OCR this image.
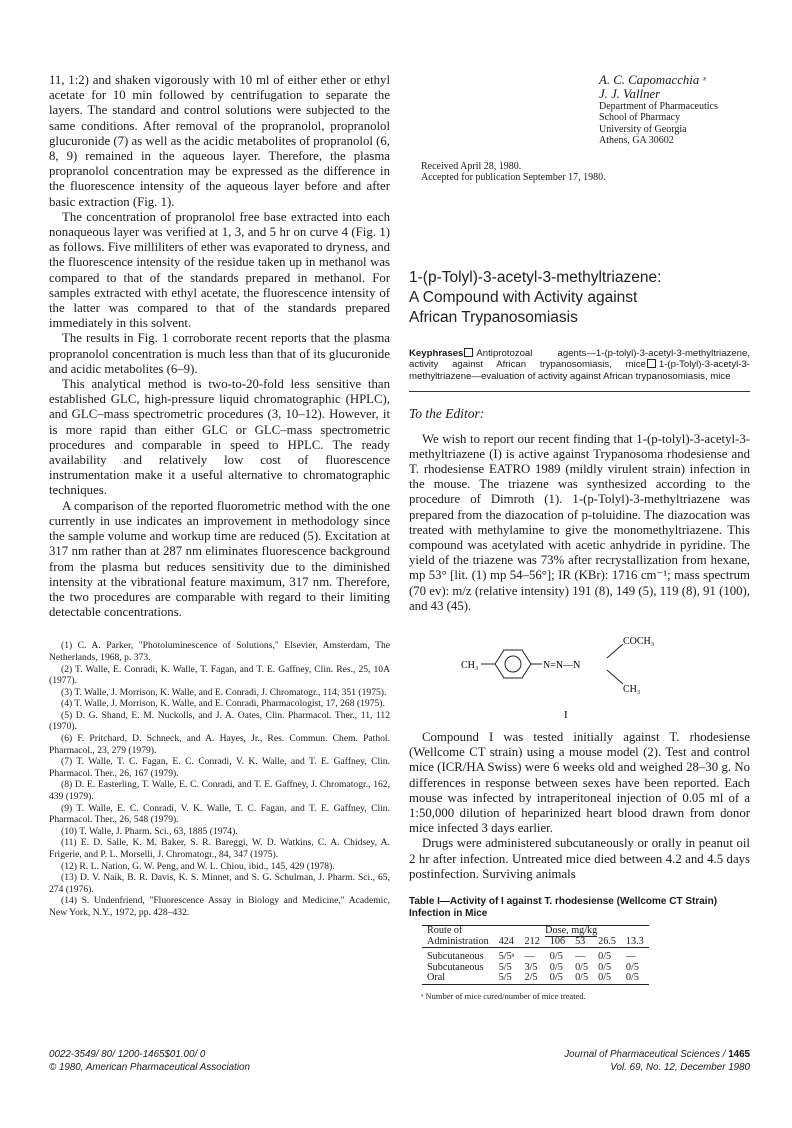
11, 1:2) and shaken vigorously with 10 ml of either ether or ethyl acetate for 10 min followed by centrifugation to separate the layers. The standard and control solutions were subjected to the same conditions. After removal of the propranolol, propranolol glucuronide (7) as well as the acidic metabolites of propranolol (6, 8, 9) remained in the aqueous layer. Therefore, the plasma propranolol concentration may be expressed as the difference in the fluorescence intensity of the aqueous layer before and after basic extraction (Fig. 1).

The concentration of propranolol free base extracted into each nonaqueous layer was verified at 1, 3, and 5 hr on curve 4 (Fig. 1) as follows. Five milliliters of ether was evaporated to dryness, and the fluorescence intensity of the residue taken up in methanol was compared to that of the standards prepared in methanol. For samples extracted with ethyl acetate, the fluorescence intensity of the latter was compared to that of the standards prepared immediately in this solvent.

The results in Fig. 1 corroborate recent reports that the plasma propranolol concentration is much less than that of its glucuronide and acidic metabolites (6–9).

This analytical method is two-to-20-fold less sensitive than established GLC, high-pressure liquid chromatographic (HPLC), and GLC–mass spectrometric procedures (3, 10–12). However, it is more rapid than either GLC or GLC–mass spectrometric procedures and comparable in speed to HPLC. The ready availability and relatively low cost of fluorescence instrumentation make it a useful alternative to chromatographic techniques.

A comparison of the reported fluorometric method with the one currently in use indicates an improvement in methodology since the sample volume and workup time are reduced (5). Excitation at 317 nm rather than at 287 nm eliminates fluorescence background from the plasma but reduces sensitivity due to the diminished intensity at the vibrational feature maximum, 317 nm. Therefore, the two procedures are comparable with regard to their limiting detectable concentrations.

(1) C. A. Parker, "Photoluminescence of Solutions," Elsevier, Amsterdam, The Netherlands, 1968, p. 373.
(2) T. Walle, E. Conradi, K. Walle, T. Fagan, and T. E. Gaffney, Clin. Res., 25, 10A (1977).
(3) T. Walle, J. Morrison, K. Walle, and E. Conradi, J. Chromatogr., 114, 351 (1975).
(4) T. Walle, J. Morrison, K. Walle, and E. Conradi, Pharmacologist, 17, 268 (1975).
(5) D. G. Shand, E. M. Nuckolls, and J. A. Oates, Clin. Pharmacol. Ther., 11, 112 (1970).
(6) F. Pritchard, D. Schneck, and A. Hayes, Jr., Res. Commun. Chem. Pathol. Pharmacol., 23, 279 (1979).
(7) T. Walle, T. C. Fagan, E. C. Conradi, V. K. Walle, and T. E. Gaffney, Clin. Pharmacol. Ther., 26, 167 (1979).
(8) D. E. Easterling, T. Walle, E. C. Conradi, and T. E. Gaffney, J. Chromatogr., 162, 439 (1979).
(9) T. Walle, E. C. Conradi, V. K. Walle, T. C. Fagan, and T. E. Gaffney, Clin. Pharmacol. Ther., 26, 548 (1979).
(10) T. Walle, J. Pharm. Sci., 63, 1885 (1974).
(11) E. D. Salle, K. M. Baker, S. R. Bareggi, W. D. Watkins, C. A. Chidsey, A. Frigerie, and P. L. Morselli, J. Chromatogr., 84, 347 (1975).
(12) R. L. Nation, G. W. Peng, and W. L. Chiou, ibid., 145, 429 (1978).
(13) D. V. Naik, B. R. Davis, K. S. Minnet, and S. G. Schulman, J. Pharm. Sci., 65, 274 (1976).
(14) S. Undenfriend, "Fluorescence Assay in Biology and Medicine," Academic, New York, N.Y., 1972, pp. 428–432.
A. C. Capomacchia ˣ
J. J. Vallner
Department of Pharmaceutics
School of Pharmacy
University of Georgia
Athens, GA 30602
Received April 28, 1980.
Accepted for publication September 17, 1980.
1-(p-Tolyl)-3-acetyl-3-methyltriazene:
A Compound with Activity against
African Trypanosomiasis
Keyphrases Antiprotozoal agents—1-(p-tolyl)-3-acetyl-3-methyltriazene, activity against African trypanosomiasis, mice 1-(p-Tolyl)-3-acetyl-3-methyltriazene—evaluation of activity against African trypanosomiasis, mice
To the Editor:

We wish to report our recent finding that 1-(p-tolyl)-3-acetyl-3-methyltriazene (I) is active against Trypanosoma rhodesiense and T. rhodesiense EATRO 1989 (mildly virulent strain) infection in the mouse. The triazene was synthesized according to the procedure of Dimroth (1). 1-(p-Tolyl)-3-methyltriazene was prepared from the diazocation of p-toluidine. The diazocation was treated with methylamine to give the monomethyltriazene. This compound was acetylated with acetic anhydride in pyridine. The yield of the triazene was 73% after recrystallization from hexane, mp 53° [lit. (1) mp 54–56°]; IR (KBr): 1716 cm⁻¹; mass spectrum (70 ev): m/z (relative intensity) 191 (8), 149 (5), 119 (8), 91 (100), and 43 (45).

CH₃	N=N—N
COCH₃
CH₃
I

Compound I was tested initially against T. rhodesiense (Wellcome CT strain) using a mouse model (2). Test and control mice (ICR/HA Swiss) were 6 weeks old and weighed 28–30 g. No differences in response between sexes have been reported. Each mouse was infected by intraperitoneal injection of 0.05 ml of a 1:50,000 dilution of heparinized heart blood drawn from donor mice infected 3 days earlier.

Drugs were administered subcutaneously or orally in peanut oil 2 hr after infection. Untreated mice died between 4.2 and 4.5 days postinfection. Surviving animals

Table I—Activity of I against T. rhodesiense (Wellcome CT Strain) Infection in Mice
Route of	Dose, mg/kg					
Administration	424	212	106	53	26.5	13.3

Subcutaneous	5/5ᵃ	—	0/5	—	0/5	—
Subcutaneous	5/5	3/5	0/5	0/5	0/5	0/5
Oral	5/5	2/5	0/5	0/5	0/5	0/5
ᵃ Number of mice cured/number of mice treated.
0022-3549/ 80/ 1200-1465$01.00/ 0
© 1980, American Pharmaceutical Association
Journal of Pharmaceutical Sciences / 1465
Vol. 69, No. 12, December 1980
